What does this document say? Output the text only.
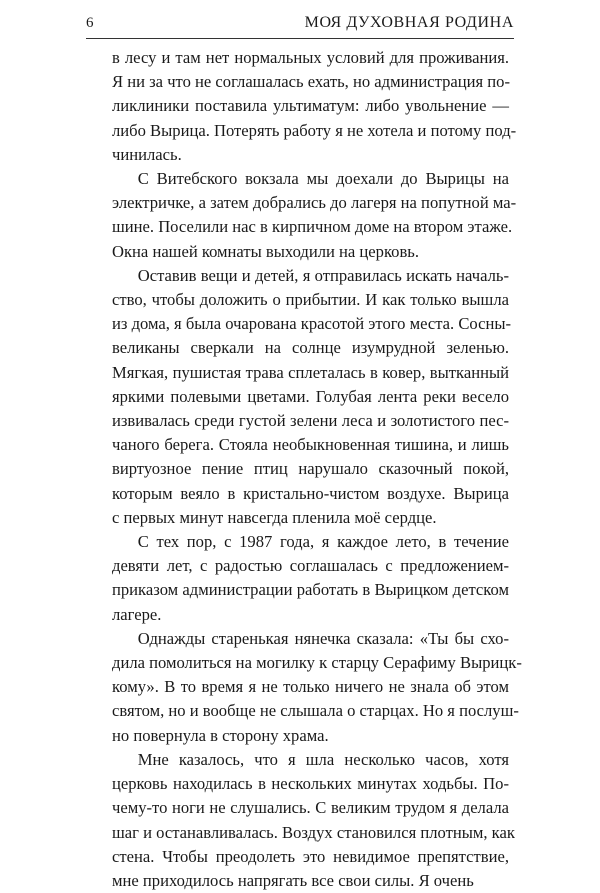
6	МОЯ ДУХОВНАЯ РОДИНА

в лесу и там нет нормальных условий для проживания.
Я ни за что не соглашалась ехать, но администрация по-
ликлиники поставила ультиматум: либо увольнение —
либо Вырица. Потерять работу я не хотела и потому под-
чинилась.

С Витебского вокзала мы доехали до Вырицы на
электричке, а затем добрались до лагеря на попутной ма-
шине. Поселили нас в кирпичном доме на втором этаже.
Окна нашей комнаты выходили на церковь.

Оставив вещи и детей, я отправилась искать началь-
ство, чтобы доложить о прибытии. И как только вышла
из дома, я была очарована красотой этого места. Сосны-
великаны сверкали на солнце изумрудной зеленью.
Мягкая, пушистая трава сплеталась в ковер, вытканный
яркими полевыми цветами. Голубая лента реки весело
извивалась среди густой зелени леса и золотистого пес-
чаного берега. Стояла необыкновенная тишина, и лишь
виртуозное пение птиц нарушало сказочный покой,
которым веяло в кристально-чистом воздухе. Вырица
с первых минут навсегда пленила моё сердце.

С тех пор, с 1987 года, я каждое лето, в течение
девяти лет, с радостью соглашалась с предложением-
приказом администрации работать в Вырицком детском
лагере.

Однажды старенькая нянечка сказала: «Ты бы схо-
дила помолиться на могилку к старцу Серафиму Вырицк-
кому». В то время я не только ничего не знала об этом
святом, но и вообще не слышала о старцах. Но я послуш-
но повернула в сторону храма.

Мне казалось, что я шла несколько часов, хотя
церковь находилась в нескольких минутах ходьбы. По-
чему-то ноги не слушались. С великим трудом я делала
шаг и останавливалась. Воздух становился плотным, как
стена. Чтобы преодолеть это невидимое препятствие,
мне приходилось напрягать все свои силы. Я очень
